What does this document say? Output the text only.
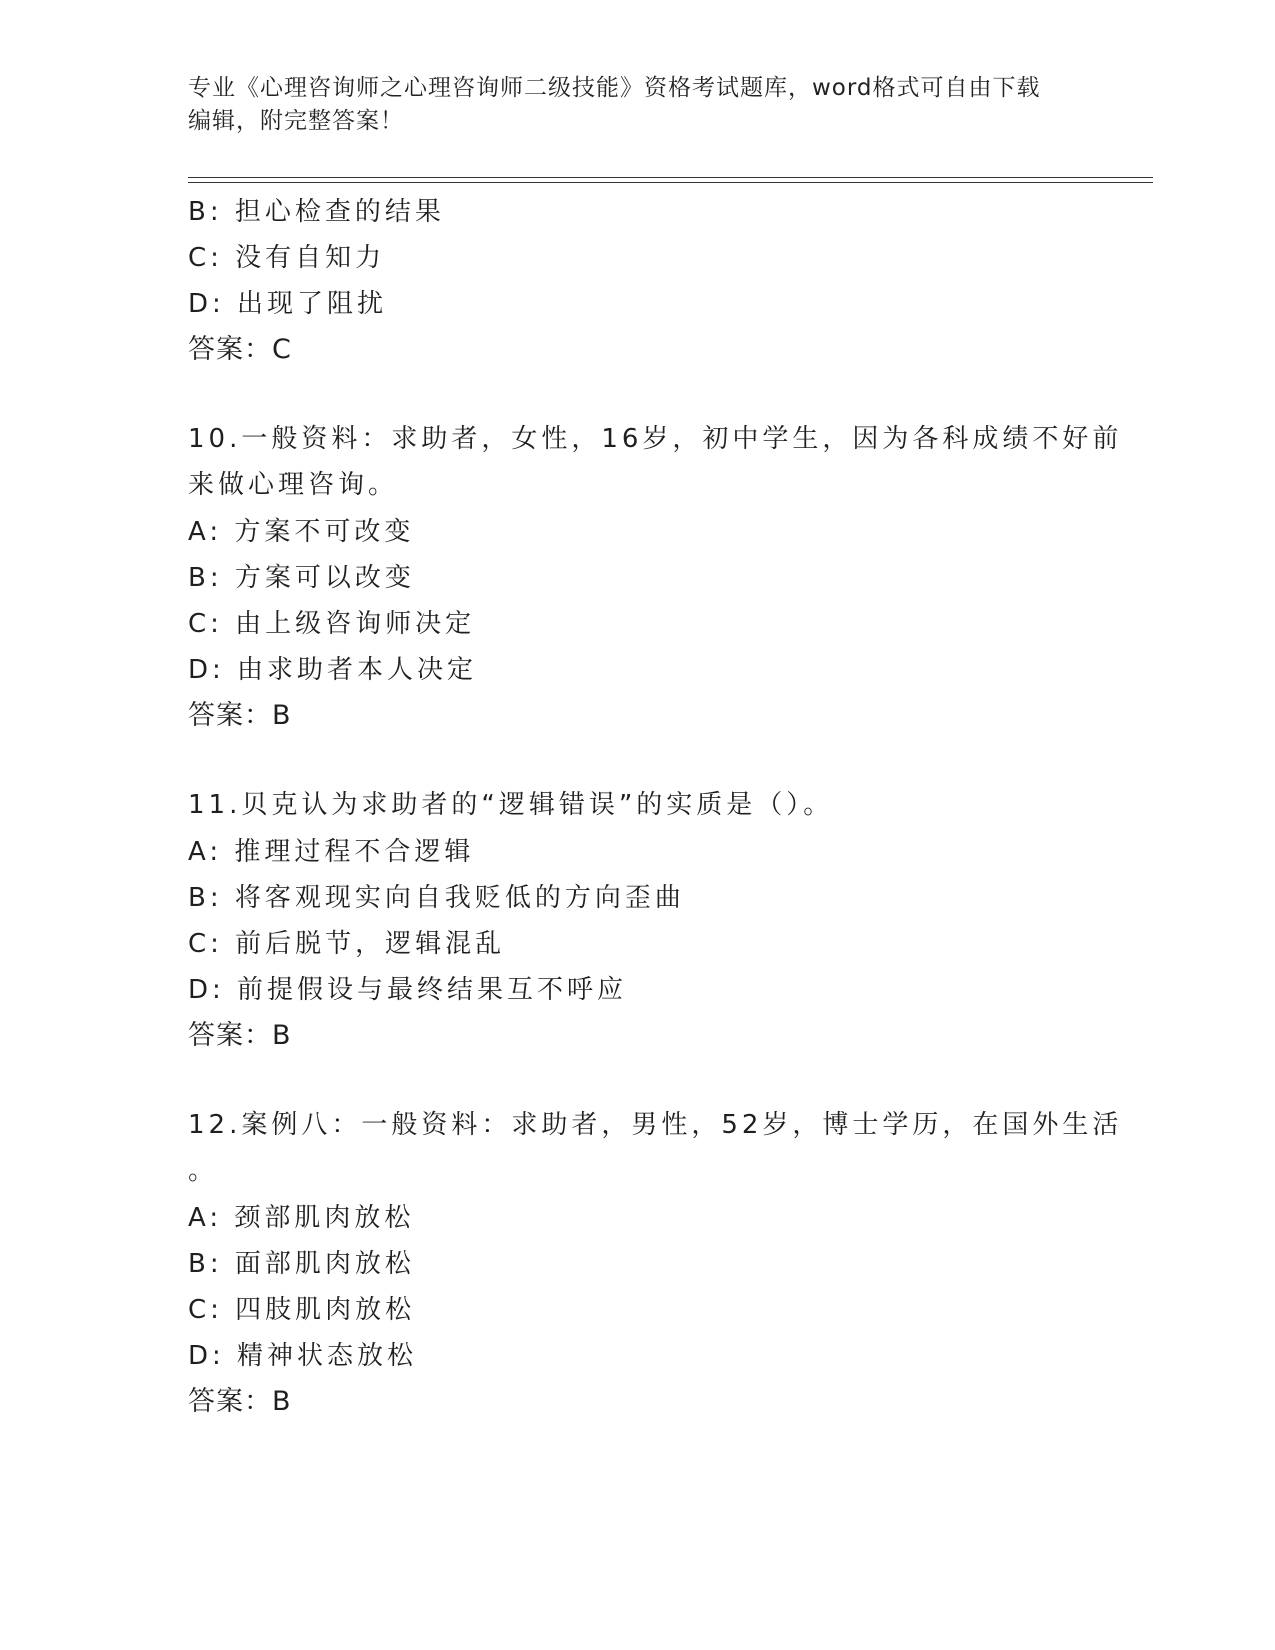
专业《心理咨询师之心理咨询师二级技能》资格考试题库，word格式可自由下载
编辑，附完整答案！
B: 担心检查的结果
C: 没有自知力
D: 出现了阻扰
答案：C
10.一般资料：求助者，女性，16岁，初中学生，因为各科成绩不好前
来做心理咨询。
A: 方案不可改变
B: 方案可以改变
C: 由上级咨询师决定
D: 由求助者本人决定
答案：B
11.贝克认为求助者的“逻辑错误”的实质是（）。
A: 推理过程不合逻辑
B: 将客观现实向自我贬低的方向歪曲
C: 前后脱节，逻辑混乱
D: 前提假设与最终结果互不呼应
答案：B
12.案例八：一般资料：求助者，男性，52岁，博士学历，在国外生活
。
A: 颈部肌肉放松
B: 面部肌肉放松
C: 四肢肌肉放松
D: 精神状态放松
答案：B
